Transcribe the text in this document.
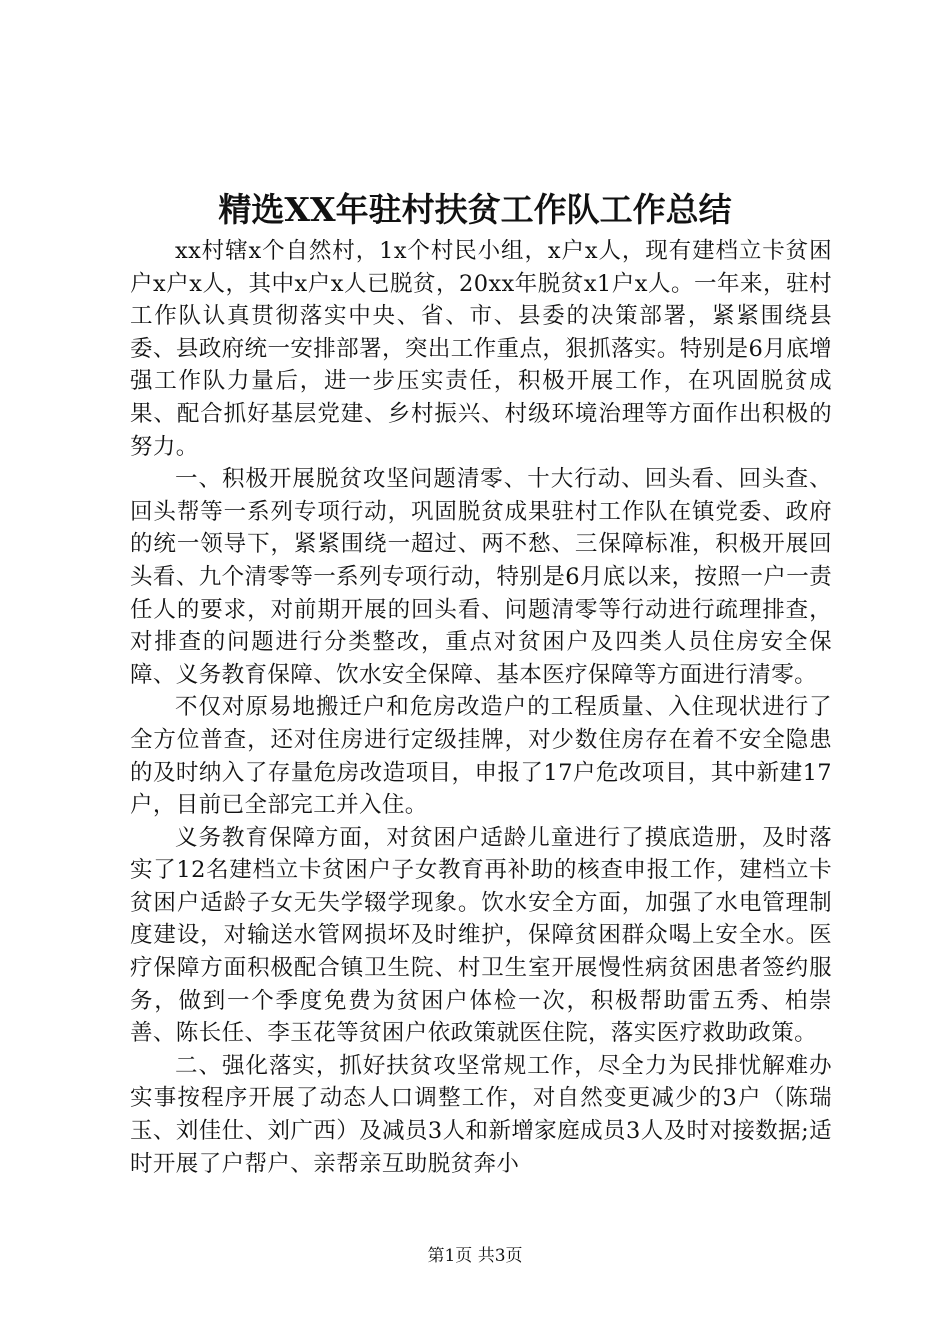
精选XX年驻村扶贫工作队工作总结

xx村辖x个自然村，1x个村民小组，x户x人，现有建档立卡贫困户x户x人，其中x户x人已脱贫，20xx年脱贫x1户x人。一年来，驻村工作队认真贯彻落实中央、省、市、县委的决策部署，紧紧围绕县委、县政府统一安排部署，突出工作重点，狠抓落实。特别是6月底增强工作队力量后，进一步压实责任，积极开展工作，在巩固脱贫成果、配合抓好基层党建、乡村振兴、村级环境治理等方面作出积极的努力。

一、积极开展脱贫攻坚问题清零、十大行动、回头看、回头查、回头帮等一系列专项行动，巩固脱贫成果驻村工作队在镇党委、政府的统一领导下，紧紧围绕一超过、两不愁、三保障标准，积极开展回头看、九个清零等一系列专项行动，特别是6月底以来，按照一户一责任人的要求，对前期开展的回头看、问题清零等行动进行疏理排查，对排查的问题进行分类整改，重点对贫困户及四类人员住房安全保障、义务教育保障、饮水安全保障、基本医疗保障等方面进行清零。

不仅对原易地搬迁户和危房改造户的工程质量、入住现状进行了全方位普查，还对住房进行定级挂牌，对少数住房存在着不安全隐患的及时纳入了存量危房改造项目，申报了17户危改项目，其中新建17户，目前已全部完工并入住。

义务教育保障方面，对贫困户适龄儿童进行了摸底造册，及时落实了12名建档立卡贫困户子女教育再补助的核查申报工作，建档立卡贫困户适龄子女无失学辍学现象。饮水安全方面，加强了水电管理制度建设，对输送水管网损坏及时维护，保障贫困群众喝上安全水。医疗保障方面积极配合镇卫生院、村卫生室开展慢性病贫困患者签约服务，做到一个季度免费为贫困户体检一次，积极帮助雷五秀、柏崇善、陈长任、李玉花等贫困户依政策就医住院，落实医疗救助政策。

二、强化落实，抓好扶贫攻坚常规工作，尽全力为民排忧解难办实事按程序开展了动态人口调整工作，对自然变更减少的3户（陈瑞玉、刘佳仕、刘广西）及减员3人和新增家庭成员3人及时对接数据;适时开展了户帮户、亲帮亲互助脱贫奔小

第1页 共3页
